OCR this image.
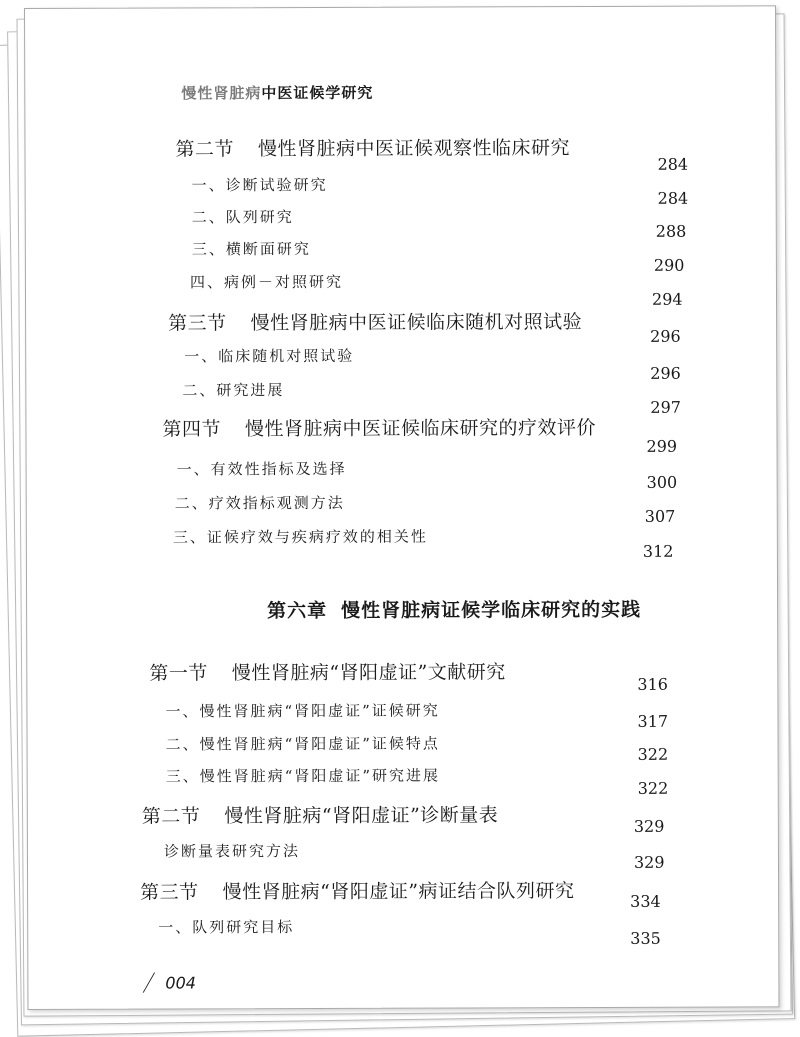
慢性肾脏病中医证候学研究
第二节 慢性肾脏病中医证候观察性临床研究
284
一、诊断试验研究
284
二、队列研究
288
三、横断面研究
290
四、病例－对照研究
294
第三节 慢性肾脏病中医证候临床随机对照试验
296
一、临床随机对照试验
296
二、研究进展
297
第四节 慢性肾脏病中医证候临床研究的疗效评价
299
一、有效性指标及选择
300
二、疗效指标观测方法
307
三、证候疗效与疾病疗效的相关性
312
第六章 慢性肾脏病证候学临床研究的实践
第一节 慢性肾脏病“肾阳虚证”文献研究
316
一、慢性肾脏病“肾阳虚证”证候研究
317
二、慢性肾脏病“肾阳虚证”证候特点
322
三、慢性肾脏病“肾阳虚证”研究进展
322
第二节 慢性肾脏病“肾阳虚证”诊断量表	329
诊断量表研究方法
329
第三节 慢性肾脏病“肾阳虚证”病证结合队列研究	334
一、队列研究目标
335
004
